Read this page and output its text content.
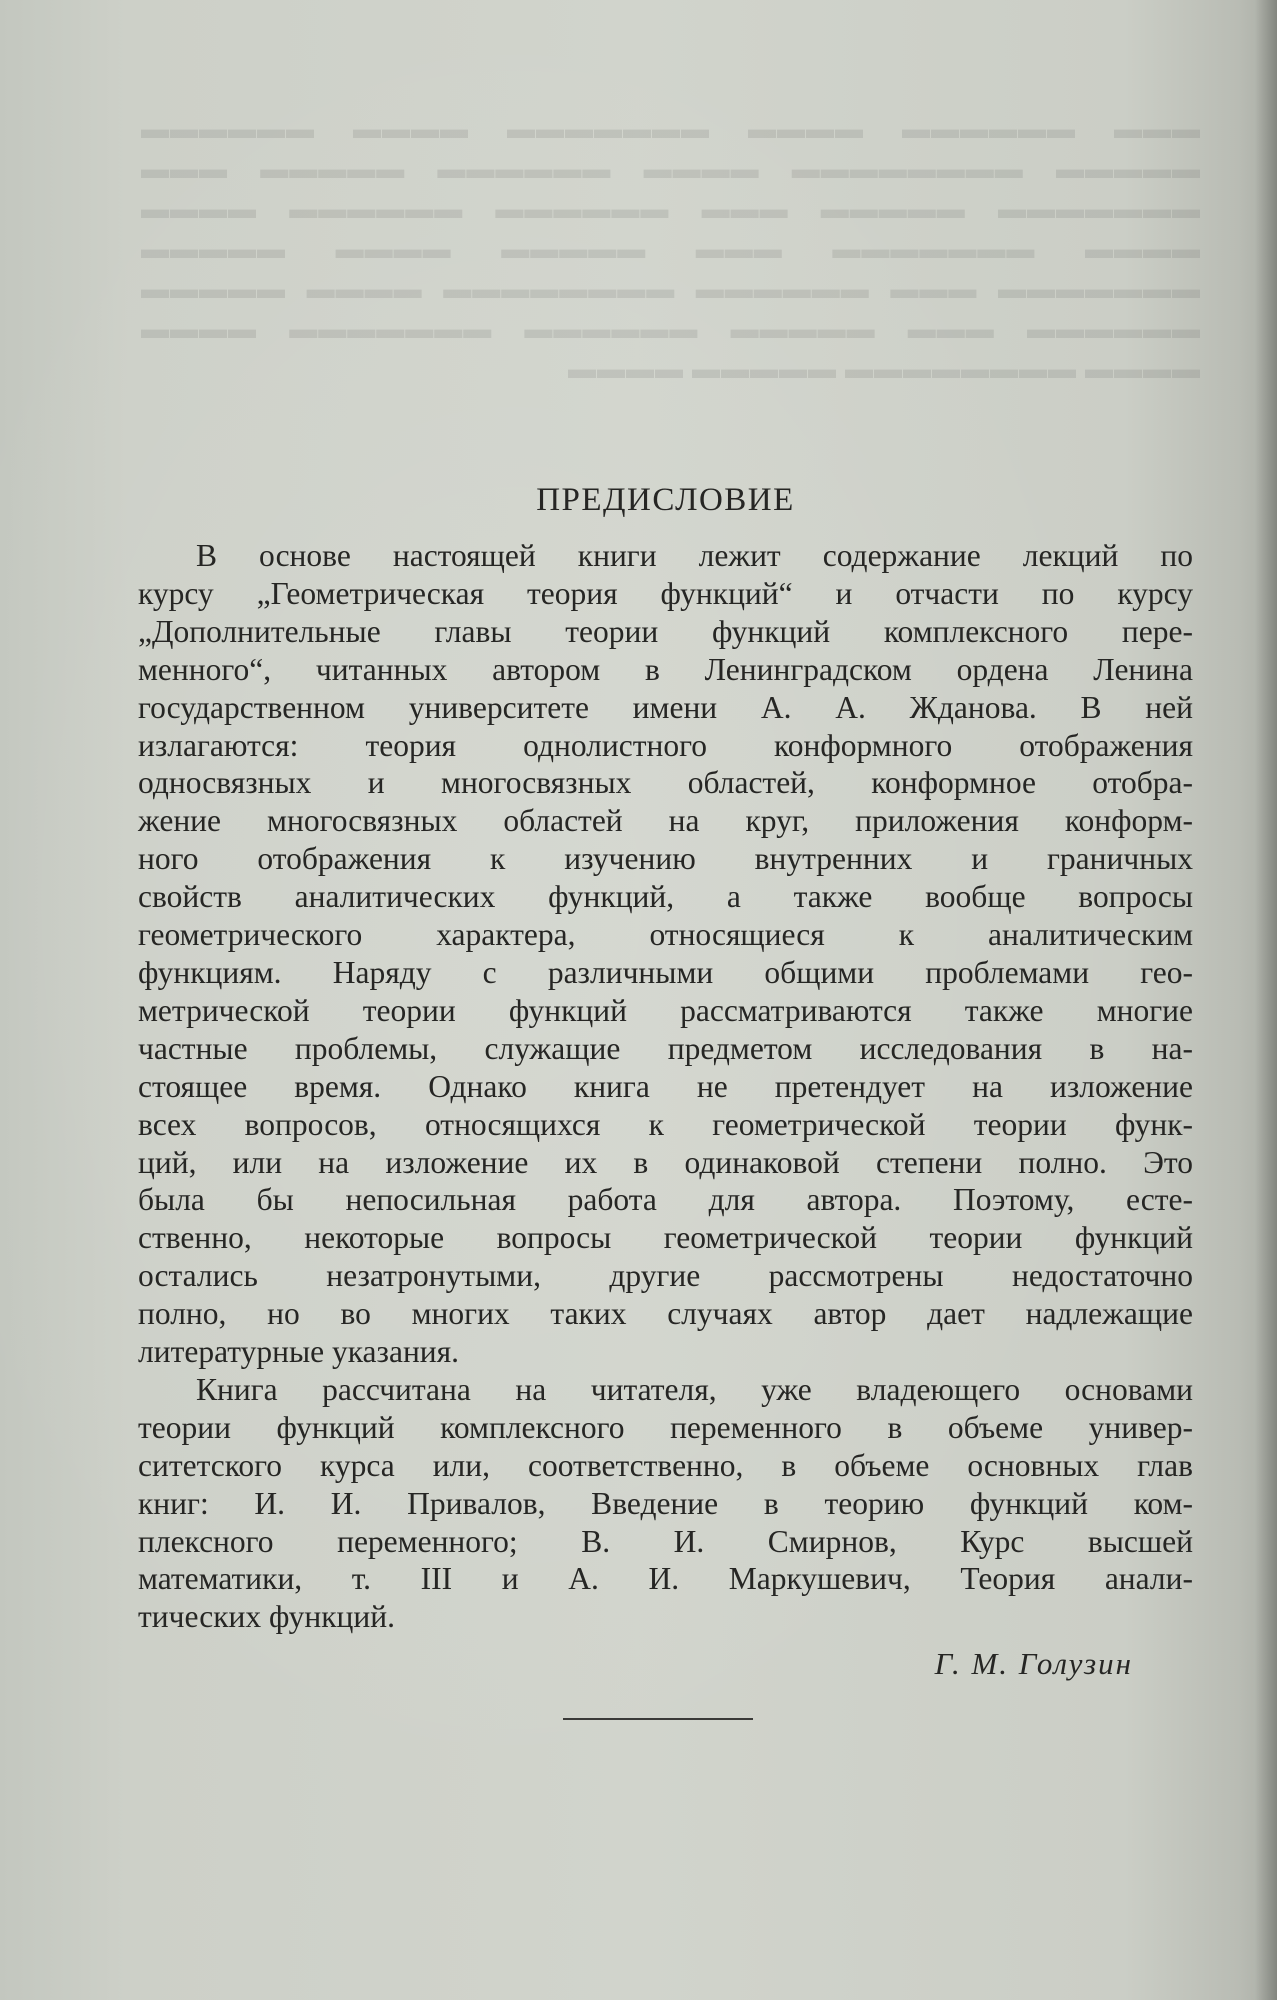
▬▬▬ ▬▬▬▬▬▬ ▬▬▬▬ ▬▬▬▬▬▬▬ ▬▬▬▬ ▬▬▬▬▬▬ ▬▬▬▬▬ ▬▬▬▬▬▬▬▬ ▬▬▬▬ ▬▬▬▬▬▬ ▬▬▬▬▬ ▬▬▬ ▬▬▬▬▬▬▬ ▬▬▬▬▬ ▬▬▬ ▬▬▬▬▬▬ ▬▬▬▬▬▬ ▬▬▬▬ ▬▬▬▬ ▬▬▬▬▬▬▬ ▬▬▬ ▬▬▬▬▬ ▬▬▬▬ ▬▬▬▬▬ ▬▬▬▬▬▬▬ ▬▬▬ ▬▬▬▬▬▬ ▬▬▬▬▬▬▬▬ ▬▬▬▬ ▬▬▬▬▬ ▬▬▬▬▬▬ ▬▬▬ ▬▬▬▬▬ ▬▬▬▬▬▬ ▬▬▬▬▬▬▬ ▬▬▬▬ ▬▬▬▬ ▬▬▬▬▬▬▬▬ ▬▬▬▬▬ ▬▬▬▬
ПРЕДИСЛОВИЕ

В основе настоящей книги лежит содержание лекций по
курсу „Геометрическая теория функций“ и отчасти по курсу
„Дополнительные главы теории функций комплексного пере-
менного“, читанных автором в Ленинградском ордена Ленина
государственном университете имени А. А. Жданова. В ней
излагаются: теория однолистного конформного отображения
односвязных и многосвязных областей, конформное отобра-
жение многосвязных областей на круг, приложения конформ-
ного отображения к изучению внутренних и граничных
свойств аналитических функций, а также вообще вопросы
геометрического характера, относящиеся к аналитическим
функциям. Наряду с различными общими проблемами гео-
метрической теории функций рассматриваются также многие
частные проблемы, служащие предметом исследования в на-
стоящее время. Однако книга не претендует на изложение
всех вопросов, относящихся к геометрической теории функ-
ций, или на изложение их в одинаковой степени полно. Это
была бы непосильная работа для автора. Поэтому, есте-
ственно, некоторые вопросы геометрической теории функций
остались незатронутыми, другие рассмотрены недостаточно
полно, но во многих таких случаях автор дает надлежащие
литературные указания.

Книга рассчитана на читателя, уже владеющего основами
теории функций комплексного переменного в объеме универ-
ситетского курса или, соответственно, в объеме основных глав
книг: И. И. Привалов, Введение в теорию функций ком-
плексного переменного; В. И. Смирнов, Курс высшей
математики, т. III и А. И. Маркушевич, Теория анали-
тических функций.

Г. М. Голузин
